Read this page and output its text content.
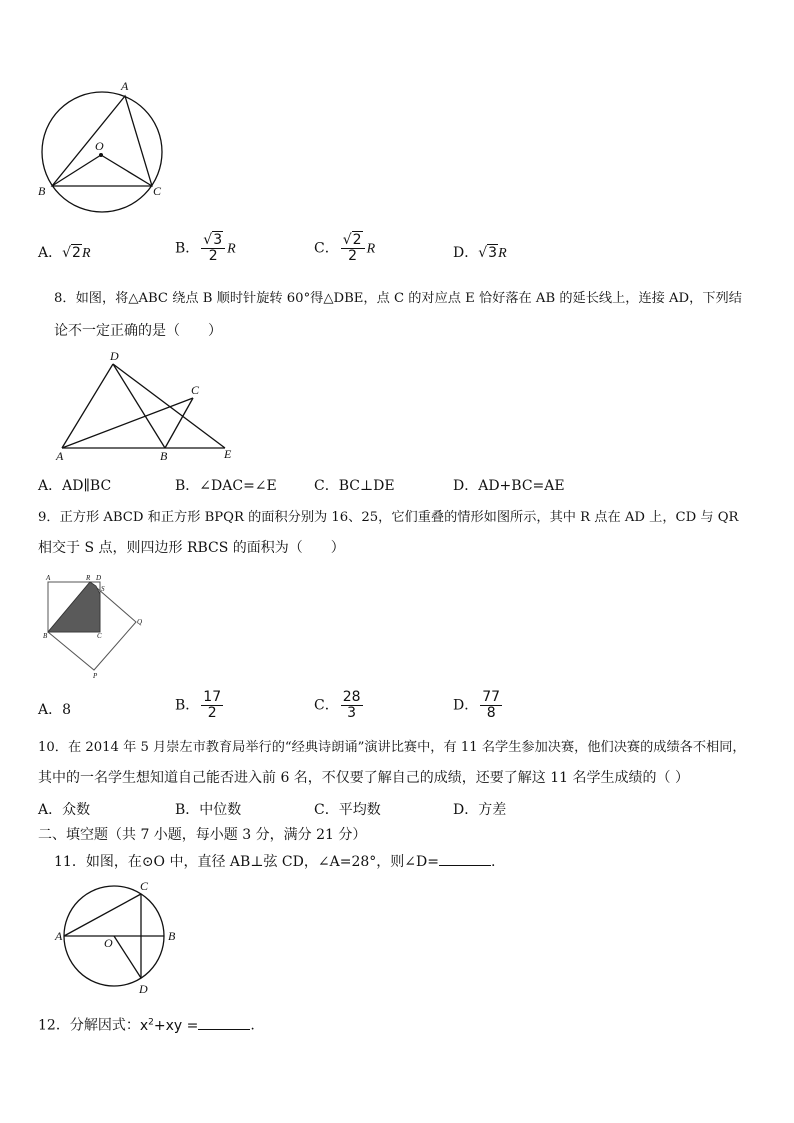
A
O
B	C
A．√2R	B． $\frac{√3}{2}$ R	C． $\frac{√2}{2}$ R	D．√3R
8．如图，将△ABC 绕点 B 顺时针旋转 60°得△DBE，点 C 的对应点 E 恰好落在 AB 的延长线上，连接 AD，下列结
论不一定正确的是（　　）
D
C
A	B	E
A．AD∥BC	B．∠DAC=∠E	C．BC⊥DE	D．AD+BC=AE
9．正方形 ABCD 和正方形 BPQR 的面积分别为 16、25，它们重叠的情形如图所示，其中 R 点在 AD 上，CD 与 QR
相交于 S 点，则四边形 RBCS 的面积为（　　）
A	R D
S
B	C
Q
P
A．8	B． $\frac{17}{2}$	C． $\frac{28}{3}$	D． $\frac{77}{8}$
10．在 2014 年 5 月崇左市教育局举行的“经典诗朗诵”演讲比赛中，有 11 名学生参加决赛，他们决赛的成绩各不相同，
其中的一名学生想知道自己能否进入前 6 名，不仅要了解自己的成绩，还要了解这 11 名学生成绩的（ ）
A．众数	B．中位数	C．平均数	D．方差
二、填空题（共 7 小题，每小题 3 分，满分 21 分）
11．如图，在⊙O 中，直径 AB⊥弦 CD，∠A=28°，则∠D=	.
C
A	O	B
D
12．分解因式：$x^2+xy$ =	.
